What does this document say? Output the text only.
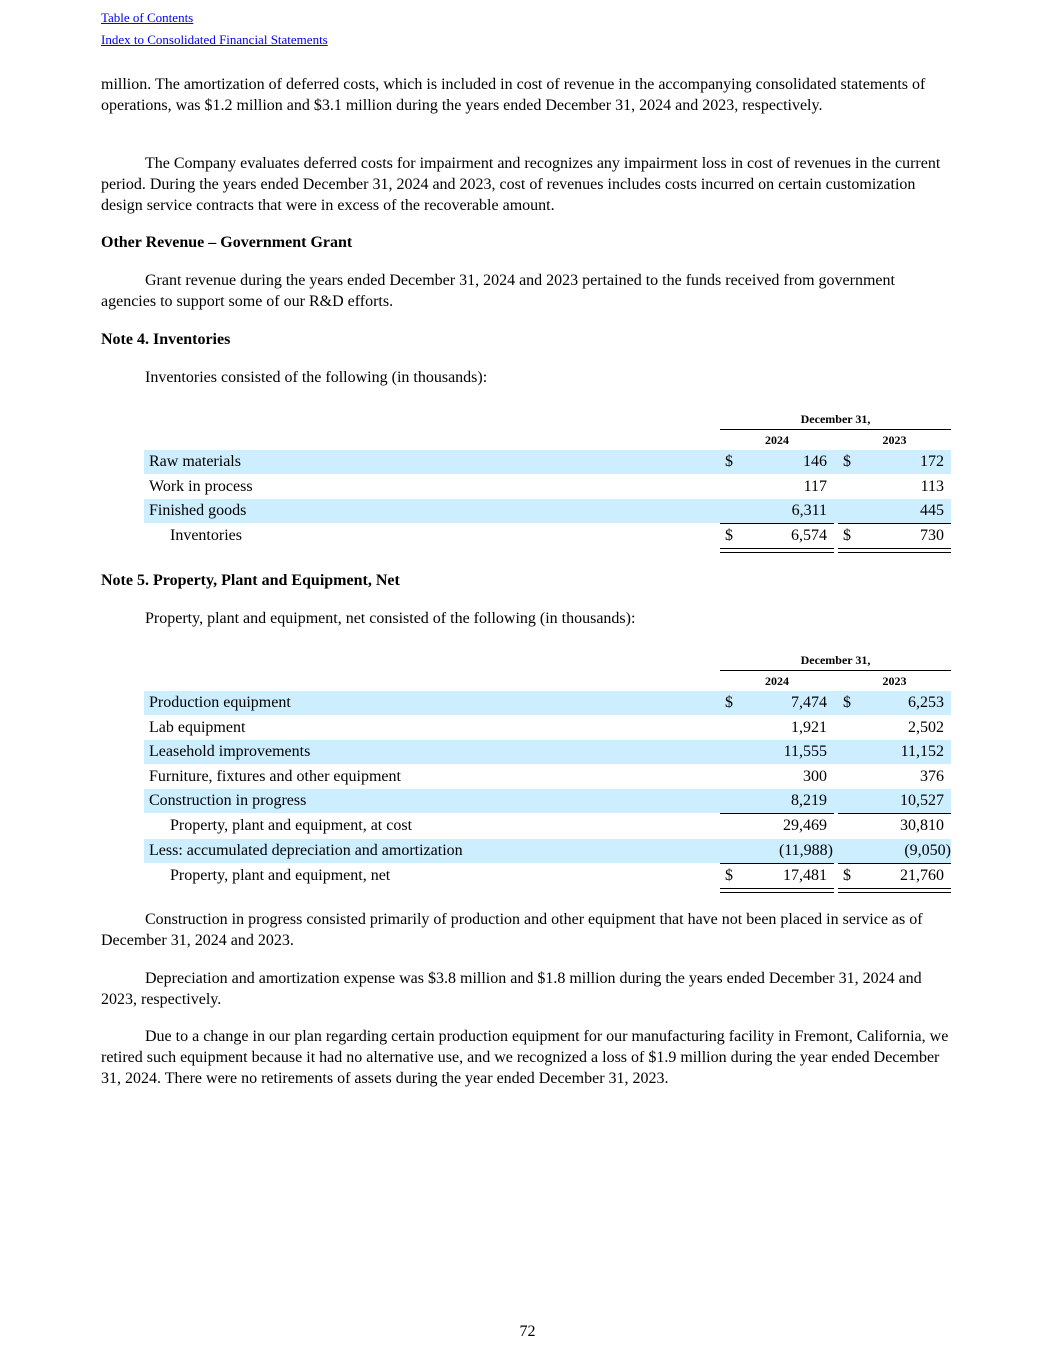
Table of Contents
Index to Consolidated Financial Statements

million. The amortization of deferred costs, which is included in cost of revenue in the accompanying consolidated statements of operations, was $1.2 million and $3.1 million during the years ended December 31, 2024 and 2023, respectively.

The Company evaluates deferred costs for impairment and recognizes any impairment loss in cost of revenues in the current period. During the years ended December 31, 2024 and 2023, cost of revenues includes costs incurred on certain customization design service contracts that were in excess of the recoverable amount.

Other Revenue – Government Grant

Grant revenue during the years ended December 31, 2024 and 2023 pertained to the funds received from government agencies to support some of our R&D efforts.

Note 4. Inventories

Inventories consisted of the following (in thousands):

December 31,
2024	2023
Raw materials	$	146 $	172
Work in process	117	113
Finished goods	6,311	445
Inventories	$	6,574 $	730

Note 5. Property, Plant and Equipment, Net

Property, plant and equipment, net consisted of the following (in thousands):

December 31,
2024	2023
Production equipment	$	7,474 $	6,253
Lab equipment	1,921	2,502
Leasehold improvements	11,555	11,152
Furniture, fixtures and other equipment	300	376
Construction in progress	8,219	10,527
Property, plant and equipment, at cost	29,469	30,810
Less: accumulated depreciation and amortization	(11,988)	(9,050)
Property, plant and equipment, net	$	17,481 $	21,760

Construction in progress consisted primarily of production and other equipment that have not been placed in service as of December 31, 2024 and 2023.

Depreciation and amortization expense was $3.8 million and $1.8 million during the years ended December 31, 2024 and 2023, respectively.

Due to a change in our plan regarding certain production equipment for our manufacturing facility in Fremont, California, we retired such equipment because it had no alternative use, and we recognized a loss of $1.9 million during the year ended December 31, 2024. There were no retirements of assets during the year ended December 31, 2023.

72
